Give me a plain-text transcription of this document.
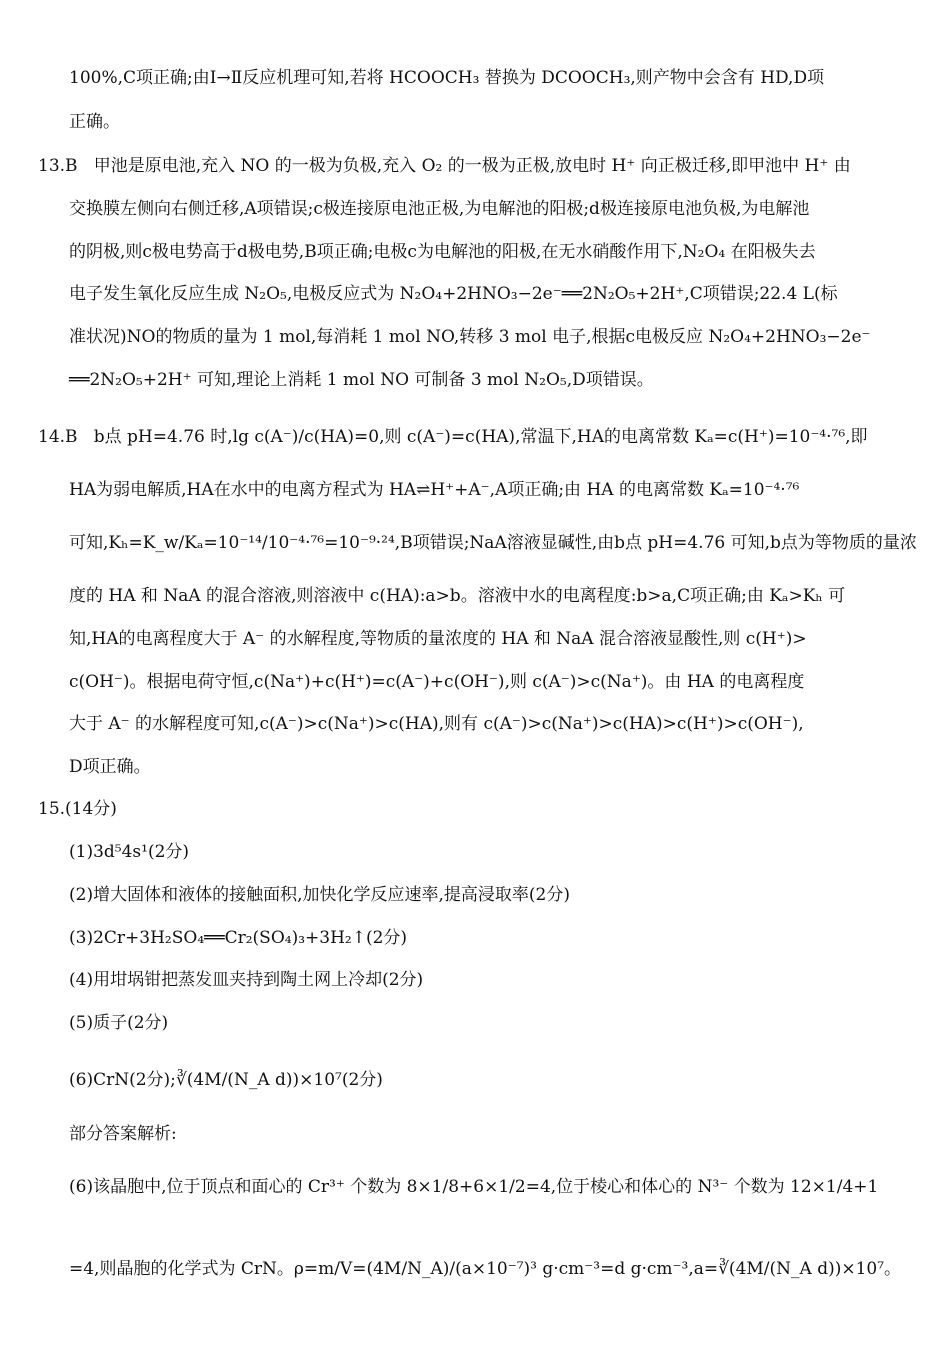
100%,C项正确;由Ⅰ→Ⅱ反应机理可知,若将 HCOOCH₃ 替换为 DCOOCH₃,则产物中会含有 HD,D项
正确。
13.B 甲池是原电池,充入 NO 的一极为负极,充入 O₂ 的一极为正极,放电时 H⁺ 向正极迁移,即甲池中 H⁺ 由
交换膜左侧向右侧迁移,A项错误;c极连接原电池正极,为电解池的阳极;d极连接原电池负极,为电解池
的阴极,则c极电势高于d极电势,B项正确;电极c为电解池的阳极,在无水硝酸作用下,N₂O₄ 在阳极失去
电子发生氧化反应生成 N₂O₅,电极反应式为 N₂O₄+2HNO₃−2e⁻══2N₂O₅+2H⁺,C项错误;22.4 L(标
准状况)NO的物质的量为 1 mol,每消耗 1 mol NO,转移 3 mol 电子,根据c电极反应 N₂O₄+2HNO₃−2e⁻
══2N₂O₅+2H⁺ 可知,理论上消耗 1 mol NO 可制备 3 mol N₂O₅,D项错误。
14.B b点 pH=4.76 时,lg c(A⁻)/c(HA)=0,则 c(A⁻)=c(HA),常温下,HA的电离常数 Kₐ=c(H⁺)=10⁻⁴·⁷⁶,即
HA为弱电解质,HA在水中的电离方程式为 HA⇌H⁺+A⁻,A项正确;由 HA 的电离常数 Kₐ=10⁻⁴·⁷⁶
可知,Kₕ=K_w/Kₐ=10⁻¹⁴/10⁻⁴·⁷⁶=10⁻⁹·²⁴,B项错误;NaA溶液显碱性,由b点 pH=4.76 可知,b点为等物质的量浓
度的 HA 和 NaA 的混合溶液,则溶液中 c(HA):a>b。溶液中水的电离程度:b>a,C项正确;由 Kₐ>Kₕ 可
知,HA的电离程度大于 A⁻ 的水解程度,等物质的量浓度的 HA 和 NaA 混合溶液显酸性,则 c(H⁺)>
c(OH⁻)。根据电荷守恒,c(Na⁺)+c(H⁺)=c(A⁻)+c(OH⁻),则 c(A⁻)>c(Na⁺)。由 HA 的电离程度
大于 A⁻ 的水解程度可知,c(A⁻)>c(Na⁺)>c(HA),则有 c(A⁻)>c(Na⁺)>c(HA)>c(H⁺)>c(OH⁻),
D项正确。
15.(14分)
(1)3d⁵4s¹(2分)
(2)增大固体和液体的接触面积,加快化学反应速率,提高浸取率(2分)
(3)2Cr+3H₂SO₄══Cr₂(SO₄)₃+3H₂↑(2分)
(4)用坩埚钳把蒸发皿夹持到陶土网上冷却(2分)
(5)质子(2分)
(6)CrN(2分);∛(4M/(N_A d))×10⁷(2分)
部分答案解析:
(6)该晶胞中,位于顶点和面心的 Cr³⁺ 个数为 8×1/8+6×1/2=4,位于棱心和体心的 N³⁻ 个数为 12×1/4+1
=4,则晶胞的化学式为 CrN。ρ=m/V=(4M/N_A)/(a×10⁻⁷)³ g·cm⁻³=d g·cm⁻³,a=∛(4M/(N_A d))×10⁷。
